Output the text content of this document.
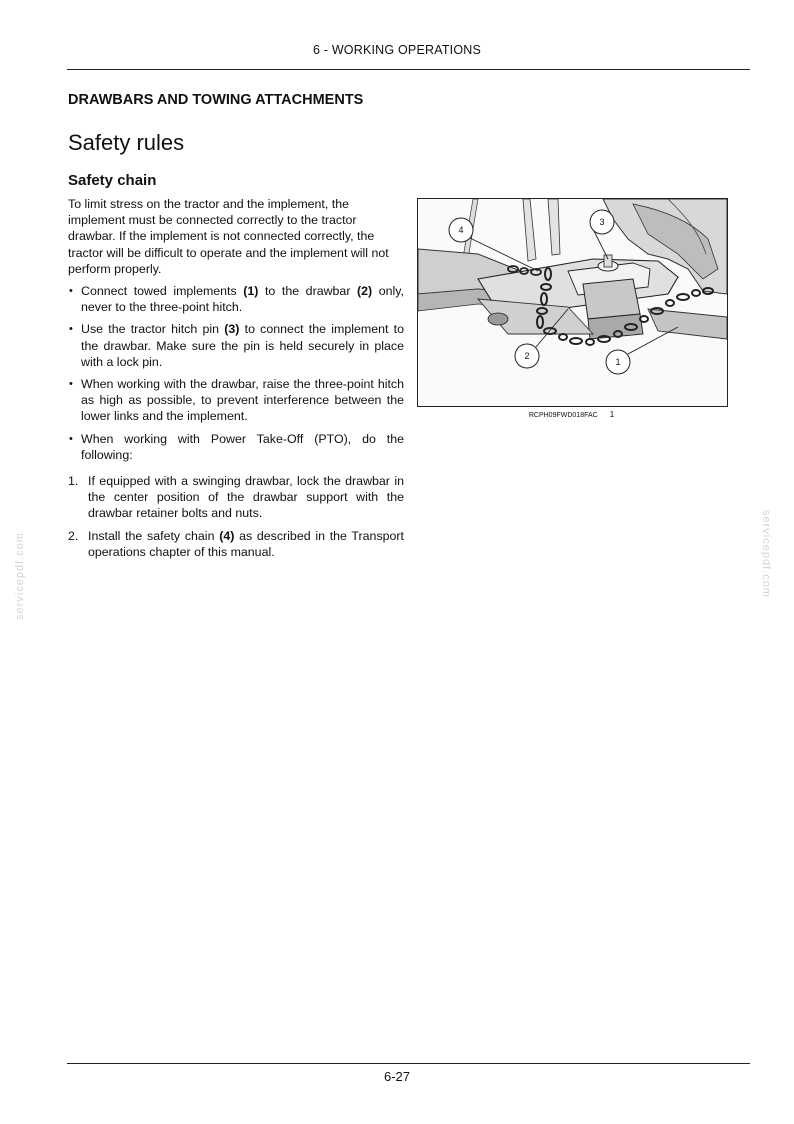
6 - WORKING OPERATIONS
DRAWBARS AND TOWING ATTACHMENTS
Safety rules
Safety chain

To limit stress on the tractor and the implement, the implement must be connected correctly to the tractor drawbar. If the implement is not connected correctly, the tractor will be difficult to operate and the implement will not perform properly.

• Connect towed implements (1) to the drawbar (2) only, never to the three-point hitch.
• Use the tractor hitch pin (3) to connect the implement to the drawbar. Make sure the pin is held securely in place with a lock pin.
• When working with the drawbar, raise the three-point hitch as high as possible, to prevent interference between the lower links and the implement.
• When working with Power Take-Off (PTO), do the following:
1. If equipped with a swinging drawbar, lock the drawbar in the center position of the drawbar support with the drawbar retainer bolts and nuts.
2. Install the safety chain (4) as described in the Transport operations chapter of this manual.
4
3
2
1
RCPH09FWD018FAC 1
servicepdf.com	servicepdf.com
6-27
